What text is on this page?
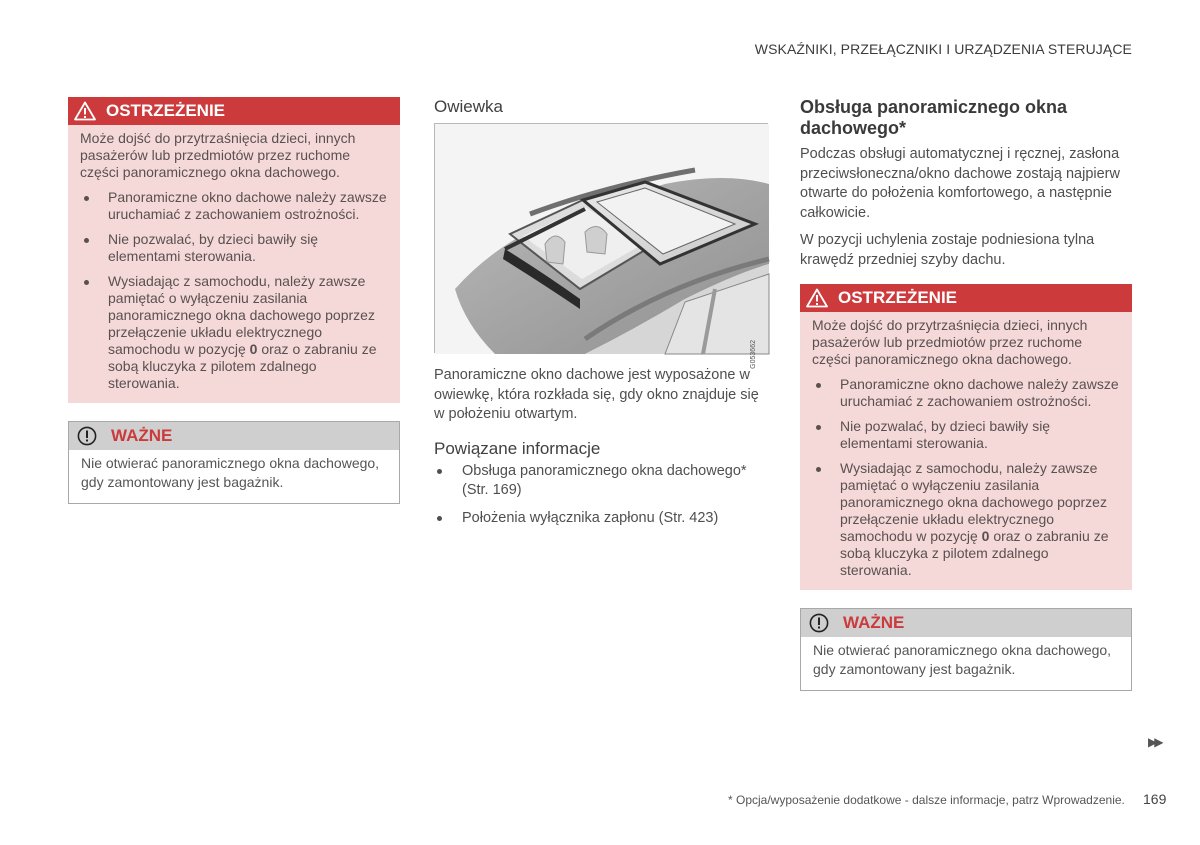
WSKAŹNIKI, PRZEŁĄCZNIKI I URZĄDZENIA STERUJĄCE
OSTRZEŻENIE

Może dojść do przytrzaśnięcia dzieci, innych pasażerów lub przedmiotów przez ruchome części panoramicznego okna dachowego.

Panoramiczne okno dachowe należy zawsze uruchamiać z zachowaniem ostrożności.
Nie pozwalać, by dzieci bawiły się elementami sterowania.
Wysiadając z samochodu, należy zawsze pamiętać o wyłączeniu zasilania panoramicznego okna dachowego poprzez przełączenie układu elektrycznego samochodu w pozycję 0 oraz o zabraniu ze sobą kluczyka z pilotem zdalnego sterowania.
WAŻNE
Nie otwierać panoramicznego okna dachowego, gdy zamontowany jest bagażnik.
Owiewka
G053662

Panoramiczne okno dachowe jest wyposażone w owiewkę, która rozkłada się, gdy okno znajduje się w położeniu otwartym.

Powiązane informacje
Obsługa panoramicznego okna dachowego* (Str. 169)
Położenia wyłącznika zapłonu (Str. 423)
Obsługa panoramicznego okna dachowego*

Podczas obsługi automatycznej i ręcznej, zasłona przeciwsłoneczna/okno dachowe zostają najpierw otwarte do położenia komfortowego, a następnie całkowicie.

W pozycji uchylenia zostaje podniesiona tylna krawędź przedniej szyby dachu.

OSTRZEŻENIE

Może dojść do przytrzaśnięcia dzieci, innych pasażerów lub przedmiotów przez ruchome części panoramicznego okna dachowego.

Panoramiczne okno dachowe należy zawsze uruchamiać z zachowaniem ostrożności.
Nie pozwalać, by dzieci bawiły się elementami sterowania.
Wysiadając z samochodu, należy zawsze pamiętać o wyłączeniu zasilania panoramicznego okna dachowego poprzez przełączenie układu elektrycznego samochodu w pozycję 0 oraz o zabraniu ze sobą kluczyka z pilotem zdalnego sterowania.
WAŻNE
Nie otwierać panoramicznego okna dachowego, gdy zamontowany jest bagażnik.
▶▶
* Opcja/wyposażenie dodatkowe - dalsze informacje, patrz Wprowadzenie. 169
